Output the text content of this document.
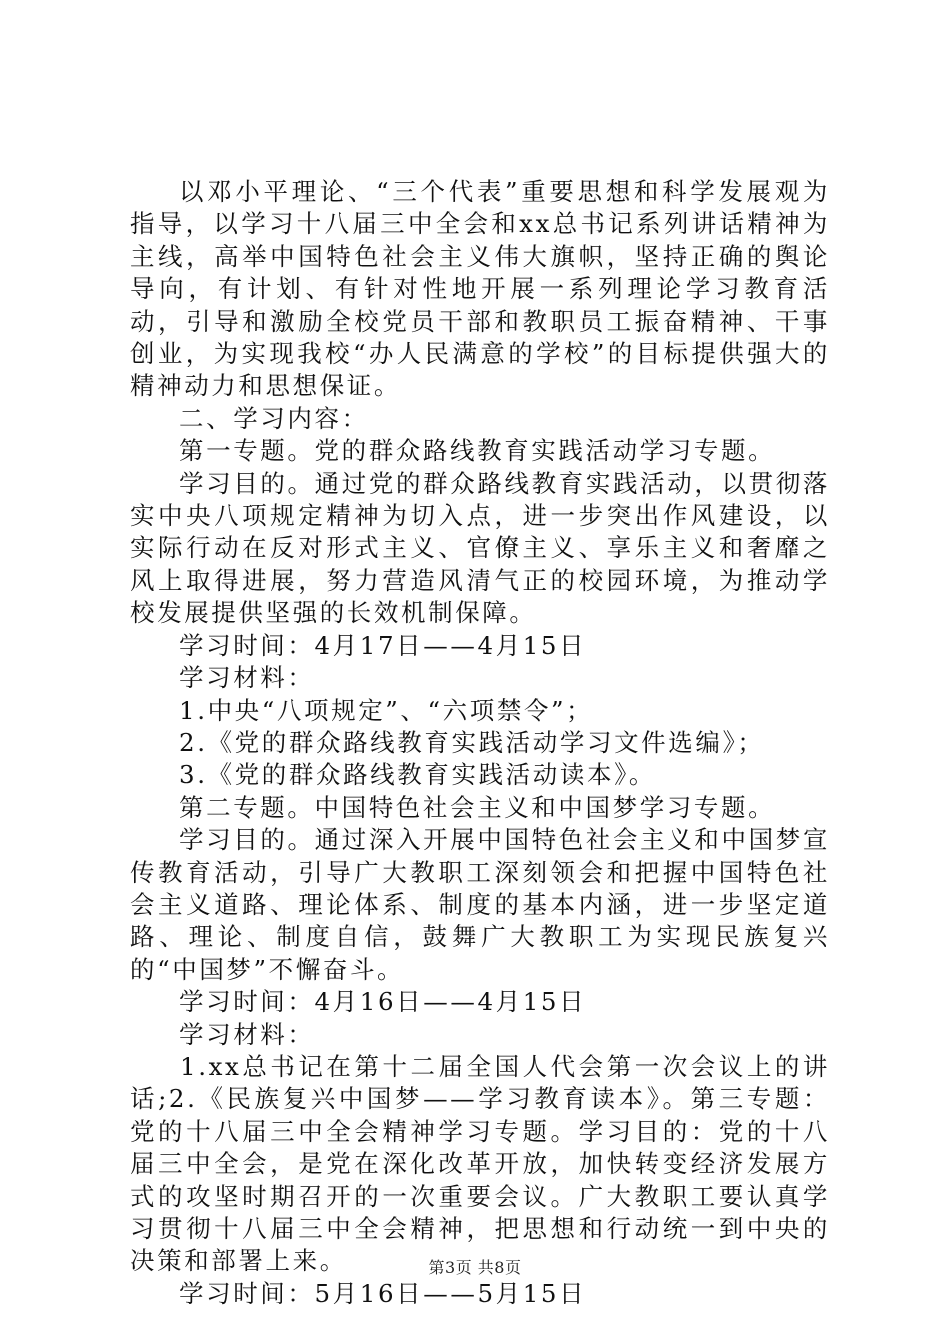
以邓小平理论、“三个代表”重要思想和科学发展观为指导，以学习十八届三中全会和xx总书记系列讲话精神为主线，高举中国特色社会主义伟大旗帜，坚持正确的舆论导向，有计划、有针对性地开展一系列理论学习教育活动，引导和激励全校党员干部和教职员工振奋精神、干事创业，为实现我校“办人民满意的学校”的目标提供强大的精神动力和思想保证。

二、学习内容：

第一专题。党的群众路线教育实践活动学习专题。

学习目的。通过党的群众路线教育实践活动，以贯彻落实中央八项规定精神为切入点，进一步突出作风建设，以实际行动在反对形式主义、官僚主义、享乐主义和奢靡之风上取得进展，努力营造风清气正的校园环境，为推动学校发展提供坚强的长效机制保障。

学习时间：4月17日——4月15日

学习材料：

1.中央“八项规定”、“六项禁令”；

2.《党的群众路线教育实践活动学习文件选编》；

3.《党的群众路线教育实践活动读本》。

第二专题。中国特色社会主义和中国梦学习专题。

学习目的。通过深入开展中国特色社会主义和中国梦宣传教育活动，引导广大教职工深刻领会和把握中国特色社会主义道路、理论体系、制度的基本内涵，进一步坚定道路、理论、制度自信，鼓舞广大教职工为实现民族复兴的“中国梦”不懈奋斗。

学习时间：4月16日——4月15日

学习材料：

1.xx总书记在第十二届全国人代会第一次会议上的讲话;2.《民族复兴中国梦——学习教育读本》。第三专题：党的十八届三中全会精神学习专题。学习目的：党的十八届三中全会，是党在深化改革开放，加快转变经济发展方式的攻坚时期召开的一次重要会议。广大教职工要认真学习贯彻十八届三中全会精神，把思想和行动统一到中央的决策和部署上来。

学习时间：5月16日——5月15日

第3页 共8页
